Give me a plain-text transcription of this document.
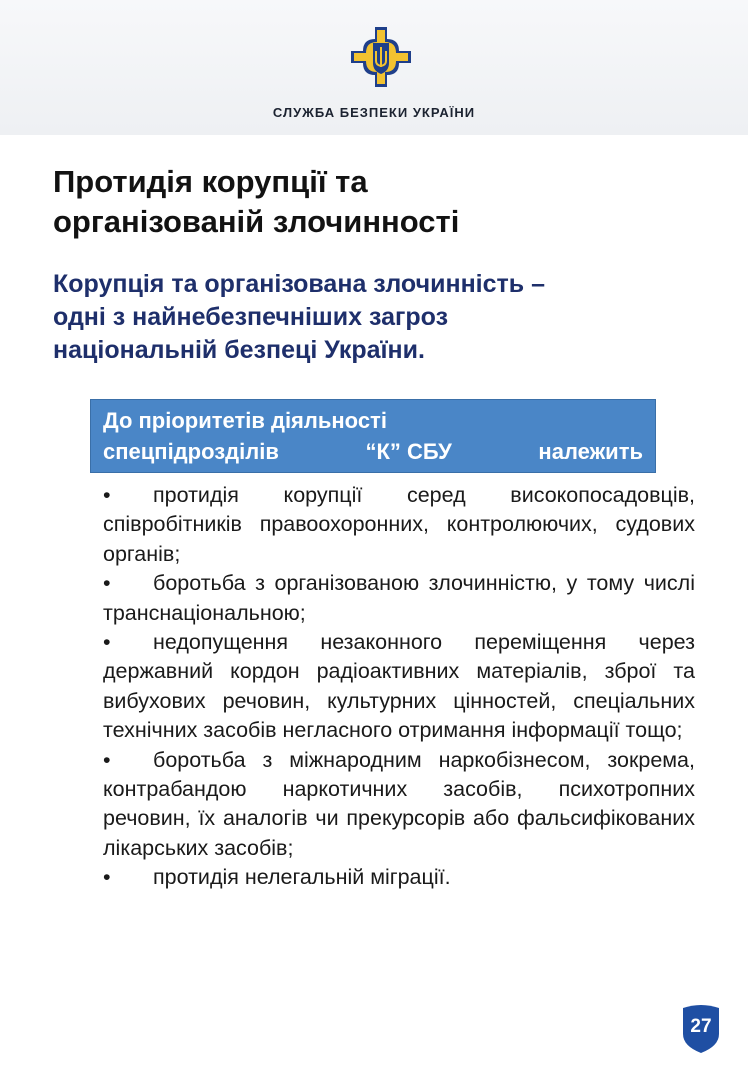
СЛУЖБА БЕЗПЕКИ УКРАЇНИ
Протидія корупції та
організованій злочинності
Корупція та організована злочинність –
одні з найнебезпечніших загроз
національній безпеці України.
До пріоритетів діяльності
спецпідрозділів	“К” СБУ	належить
• протидія корупції серед високопосадовців, співробітників правоохоронних, контролюючих, судових органів;
• боротьба з організованою злочинністю, у тому числі транснаціональною;
• недопущення незаконного переміщення через державний кордон радіоактивних матеріалів, зброї та вибухових речовин, культурних цінностей, спеціальних технічних засобів негласного отримання інформації тощо;
• боротьба з міжнародним наркобізнесом, зокрема, контрабандою наркотичних засобів, психотропних речовин, їх аналогів чи прекурсорів або фальсифікованих лікарських засобів;
• протидія нелегальній міграції.
27
